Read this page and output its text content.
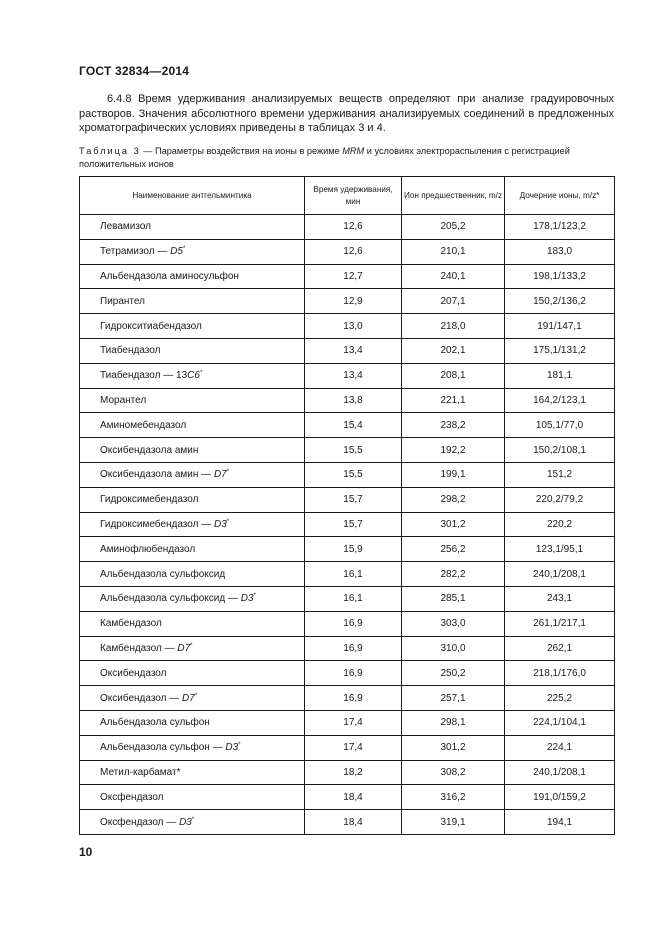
ГОСТ 32834—2014
6.4.8 Время удерживания анализируемых веществ определяют при анализе градуировочных растворов. Значения абсолютного времени удерживания анализируемых соединений в предложенных хроматографических условиях приведены в таблицах 3 и 4.
Таблица 3 — Параметры воздействия на ионы в режиме MRM и условиях электрораспыления с регистрацией положительных ионов
Наименование антгельминтика	Время удерживания, мин	Ион предшественник, m/z	Дочерние ионы, m/z*
Левамизол	12,6	205,2	178,1/123,2
Тетрамизол — D5*	12,6	210,1	183,0
Альбендазола аминосульфон	12,7	240,1	198,1/133,2
Пирантел	12,9	207,1	150,2/136,2
Гидрокситиабендазол	13,0	218,0	191/147,1
Тиабендазол	13,4	202,1	175,1/131,2
Тиабендазол — 13C6*	13,4	208,1	181,1
Морантел	13,8	221,1	164,2/123,1
Аминомебендазол	15,4	238,2	105,1/77,0
Оксибендазола амин	15,5	192,2	150,2/108,1
Оксибендазола амин — D7*	15,5	199,1	151,2
Гидроксимебендазол	15,7	298,2	220,2/79,2
Гидроксимебендазол — D3*	15,7	301,2	220,2
Аминофлюбендазол	15,9	256,2	123,1/95,1
Альбендазола сульфоксид	16,1	282,2	240,1/208,1
Альбендазола сульфоксид — D3*	16,1	285,1	243,1
Камбендазол	16,9	303,0	261,1/217,1
Камбендазол — D7*	16,9	310,0	262,1
Оксибендазол	16,9	250,2	218,1/176,0
Оксибендазол — D7*	16,9	257,1	225,2
Альбендазола сульфон	17,4	298,1	224,1/104,1
Альбендазола сульфон — D3*	17,4	301,2	224,1
Метил-карбамат*	18,2	308,2	240,1/208,1
Оксфендазол	18,4	316,2	191,0/159,2
Оксфендазол — D3*	18,4	319,1	194,1
10
